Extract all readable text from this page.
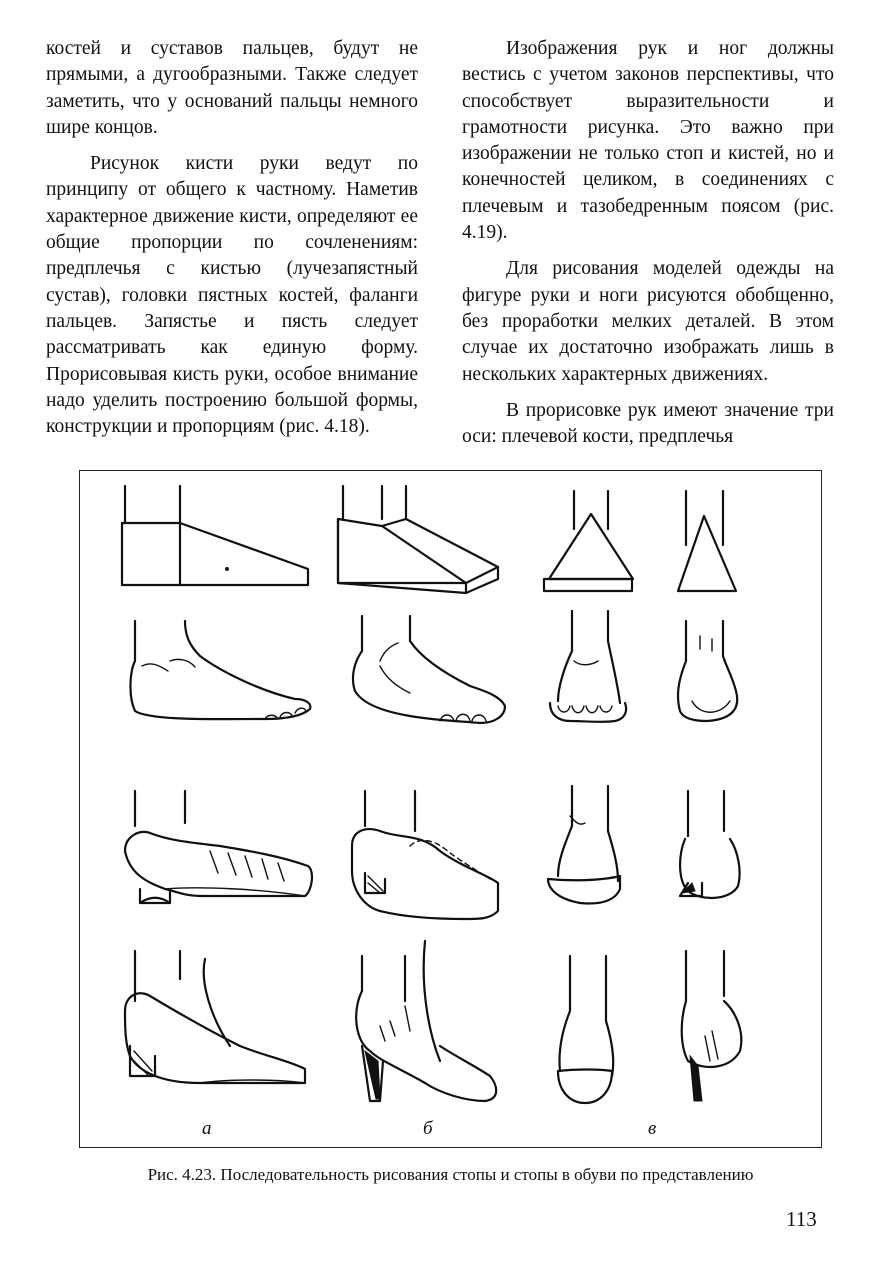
костей и суставов пальцев, будут не прямыми, а дугообразными. Также следует заметить, что у оснований пальцы немного шире концов.

Рисунок кисти руки ведут по принципу от общего к частному. Наметив характерное движение кисти, определяют ее общие пропорции по сочленениям: предплечья с кистью (лучезапястный сустав), головки пястных костей, фаланги пальцев. Запястье и пясть следует рассматривать как единую форму. Прорисовывая кисть руки, особое внимание надо уделить построению большой формы, конструкции и пропорциям (рис. 4.18).

Изображения рук и ног должны вестись с учетом законов перспективы, что способствует выразительности и грамотности рисунка. Это важно при изображении не только стоп и кистей, но и конечностей целиком, в соединениях с плечевым и тазобедренным поясом (рис. 4.19).

Для рисования моделей одежды на фигуре руки и ноги рисуются обобщенно, без проработки мелких деталей. В этом случае их достаточно изображать лишь в нескольких характерных движениях.

В прорисовке рук имеют значение три оси: плечевой кости, предплечья

а	б	в
Рис. 4.23. Последовательность рисования стопы и стопы в обуви по представлению
113
